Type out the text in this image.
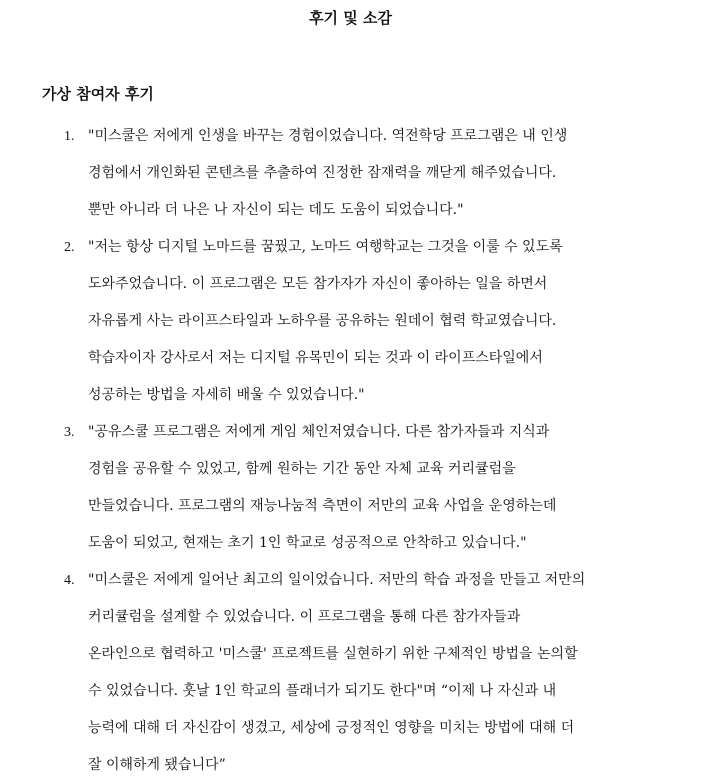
후기 및 소감
가상 참여자 후기
1. "미스쿨은 저에게 인생을 바꾸는 경험이었습니다. 역전학당 프로그램은 내 인생
경험에서 개인화된 콘텐츠를 추출하여 진정한 잠재력을 깨닫게 해주었습니다.
뿐만 아니라 더 나은 나 자신이 되는 데도 도움이 되었습니다."
2. "저는 항상 디지털 노마드를 꿈꿨고, 노마드 여행학교는 그것을 이룰 수 있도록
도와주었습니다. 이 프로그램은 모든 참가자가 자신이 좋아하는 일을 하면서
자유롭게 사는 라이프스타일과 노하우를 공유하는 원데이 협력 학교였습니다.
학습자이자 강사로서 저는 디지털 유목민이 되는 것과 이 라이프스타일에서
성공하는 방법을 자세히 배울 수 있었습니다."
3. "공유스쿨 프로그램은 저에게 게임 체인저였습니다. 다른 참가자들과 지식과
경험을 공유할 수 있었고, 함께 원하는 기간 동안 자체 교육 커리큘럼을
만들었습니다. 프로그램의 재능나눔적 측면이 저만의 교육 사업을 운영하는데
도움이 되었고, 현재는 초기 1인 학교로 성공적으로 안착하고 있습니다."
4. "미스쿨은 저에게 일어난 최고의 일이었습니다. 저만의 학습 과정을 만들고 저만의
커리큘럼을 설계할 수 있었습니다. 이 프로그램을 통해 다른 참가자들과
온라인으로 협력하고 '미스쿨' 프로젝트를 실현하기 위한 구체적인 방법을 논의할
수 있었습니다. 훗날 1인 학교의 플래너가 되기도 한다"며 “이제 나 자신과 내
능력에 대해 더 자신감이 생겼고, 세상에 긍정적인 영향을 미치는 방법에 대해 더
잘 이해하게 됐습니다”
